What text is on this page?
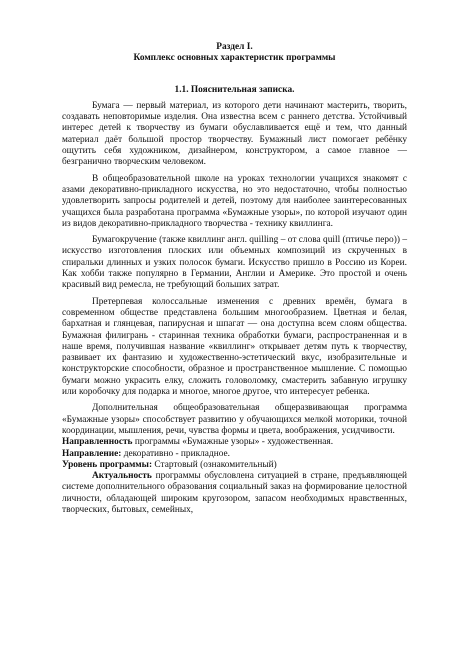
Раздел I.
Комплекс основных характеристик программы
1.1. Пояснительная записка.

Бумага — первый материал, из которого дети начинают мастерить, творить, создавать неповторимые изделия. Она известна всем с раннего детства. Устойчивый интерес детей к творчеству из бумаги обуславливается ещё и тем, что данный материал даёт большой простор творчеству. Бумажный лист помогает ребёнку ощутить себя художником, дизайнером, конструктором, а самое главное — безгранично творческим человеком.

В общеобразовательной школе на уроках технологии учащихся знакомят с азами декоративно-прикладного искусства, но это недостаточно, чтобы полностью удовлетворить запросы родителей и детей, поэтому для наиболее заинтересованных учащихся была разработана программа «Бумажные узоры», по которой изучают один из видов декоративно-прикладного творчества - технику квиллинга.

Бумагокручение (также квиллинг англ. quilling – от слова quill (птичье перо)) – искусство изготовления плоских или объемных композиций из скрученных в спиральки длинных и узких полосок бумаги. Искусство пришло в Россию из Кореи. Как хобби также популярно в Германии, Англии и Америке. Это простой и очень красивый вид ремесла, не требующий больших затрат.

Претерпевая колоссальные изменения с древних времён, бумага в современном обществе представлена большим многообразием. Цветная и белая, бархатная и глянцевая, папирусная и шпагат — она доступна всем слоям общества. Бумажная филигрань - старинная техника обработки бумаги, распространенная и в наше время, получившая название «квиллинг» открывает детям путь к творчеству, развивает их фантазию и художественно-эстетический вкус, изобразительные и конструкторские способности, образное и пространственное мышление. С помощью бумаги можно украсить елку, сложить головоломку, смастерить забавную игрушку или коробочку для подарка и многое, многое другое, что интересует ребенка.

Дополнительная общеобразовательная общеразвивающая программа «Бумажные узоры» способствует развитию у обучающихся мелкой моторики, точной координации, мышления, речи, чувства формы и цвета, воображения, усидчивости.

Направленность программы «Бумажные узоры» - художественная.

Направление: декоративно - прикладное.

Уровень программы: Стартовый (ознакомительный)

Актуальность программы обусловлена ситуацией в стране, предъявляющей системе дополнительного образования социальный заказ на формирование целостной личности, обладающей широким кругозором, запасом необходимых нравственных, творческих, бытовых, семейных,
